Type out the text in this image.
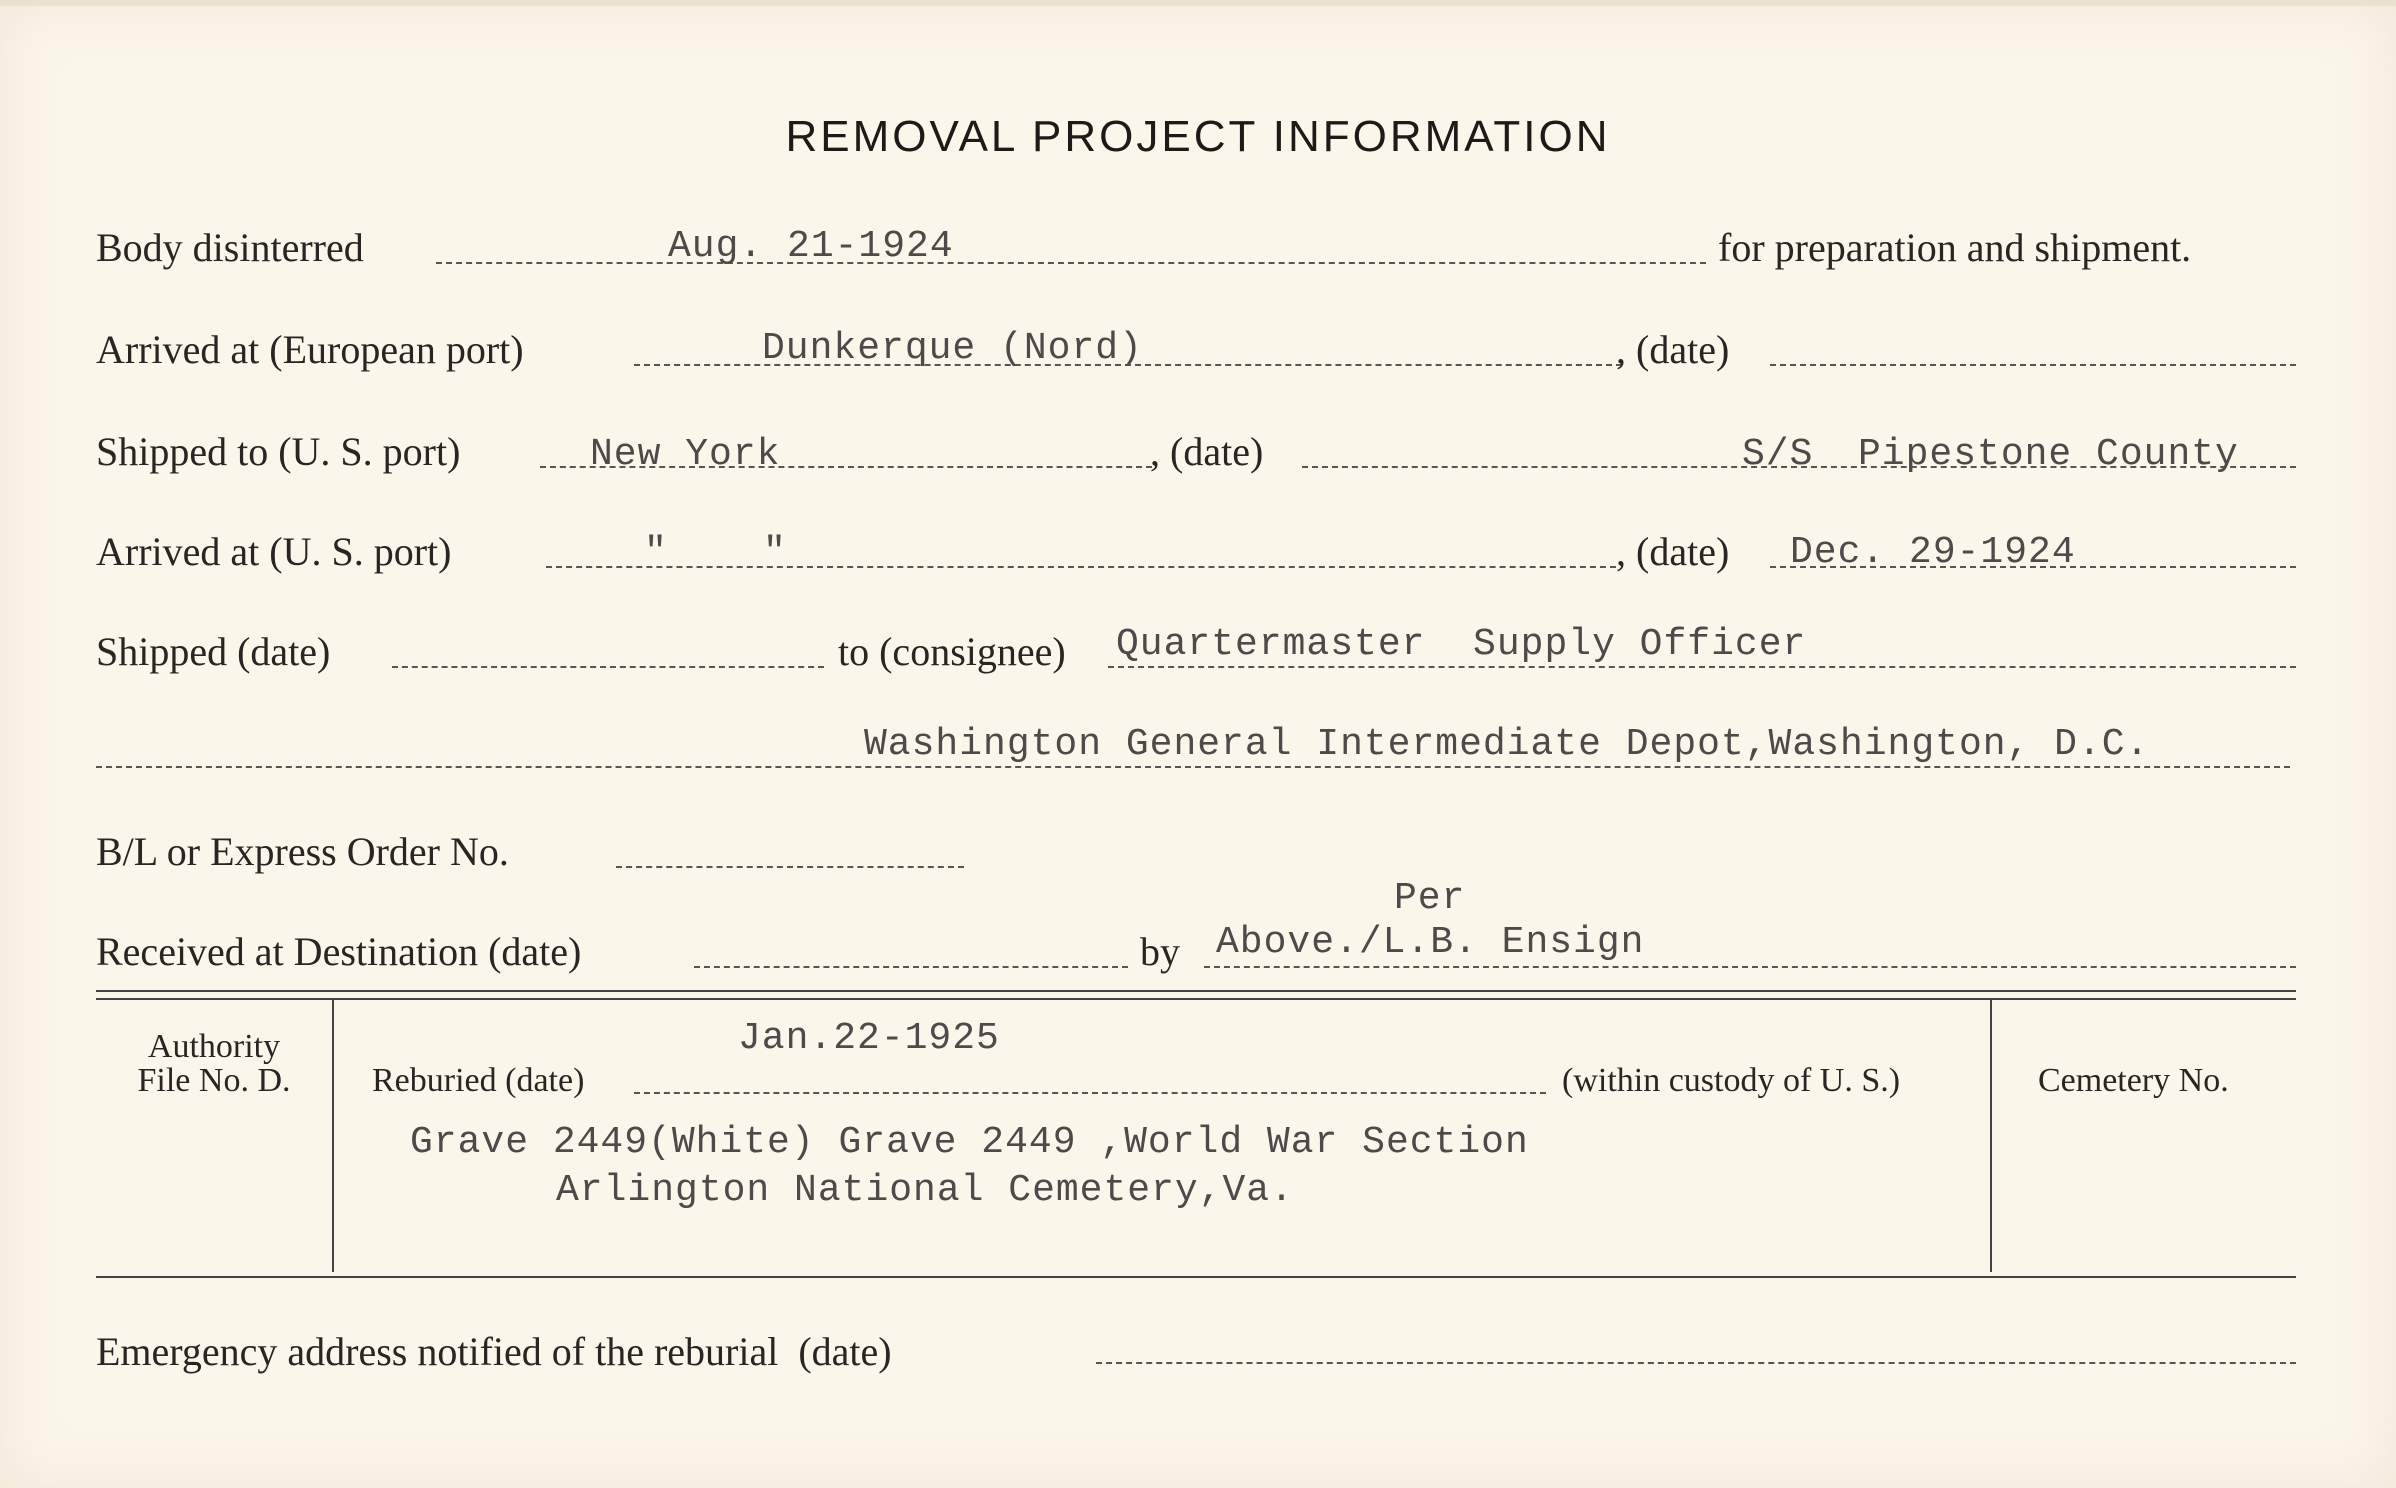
REMOVAL PROJECT INFORMATION
Body disinterred	Aug. 21-1924	for preparation and shipment.
Arrived at (European port)	Dunkerque (Nord)	, (date)
Shipped to (U. S. port)	New York	, (date)	S/S Pipestone County
Arrived at (U. S. port)	"    "	, (date) Dec. 29-1924
Shipped (date)	to (consignee) Quartermaster  Supply Officer
Washington General Intermediate Depot,Washington, D.C.
B/L or Express Order No.
Received at Destination (date)	by
Per
Above./L.B. Ensign
Authority
File No. D.
Jan.22-1925
Reburied (date)	(within custody of U. S.)
Grave 2449(White) Grave 2449 ,World War Section
Arlington National Cemetery,Va.
Cemetery No.
Emergency address notified of the reburial  (date)
